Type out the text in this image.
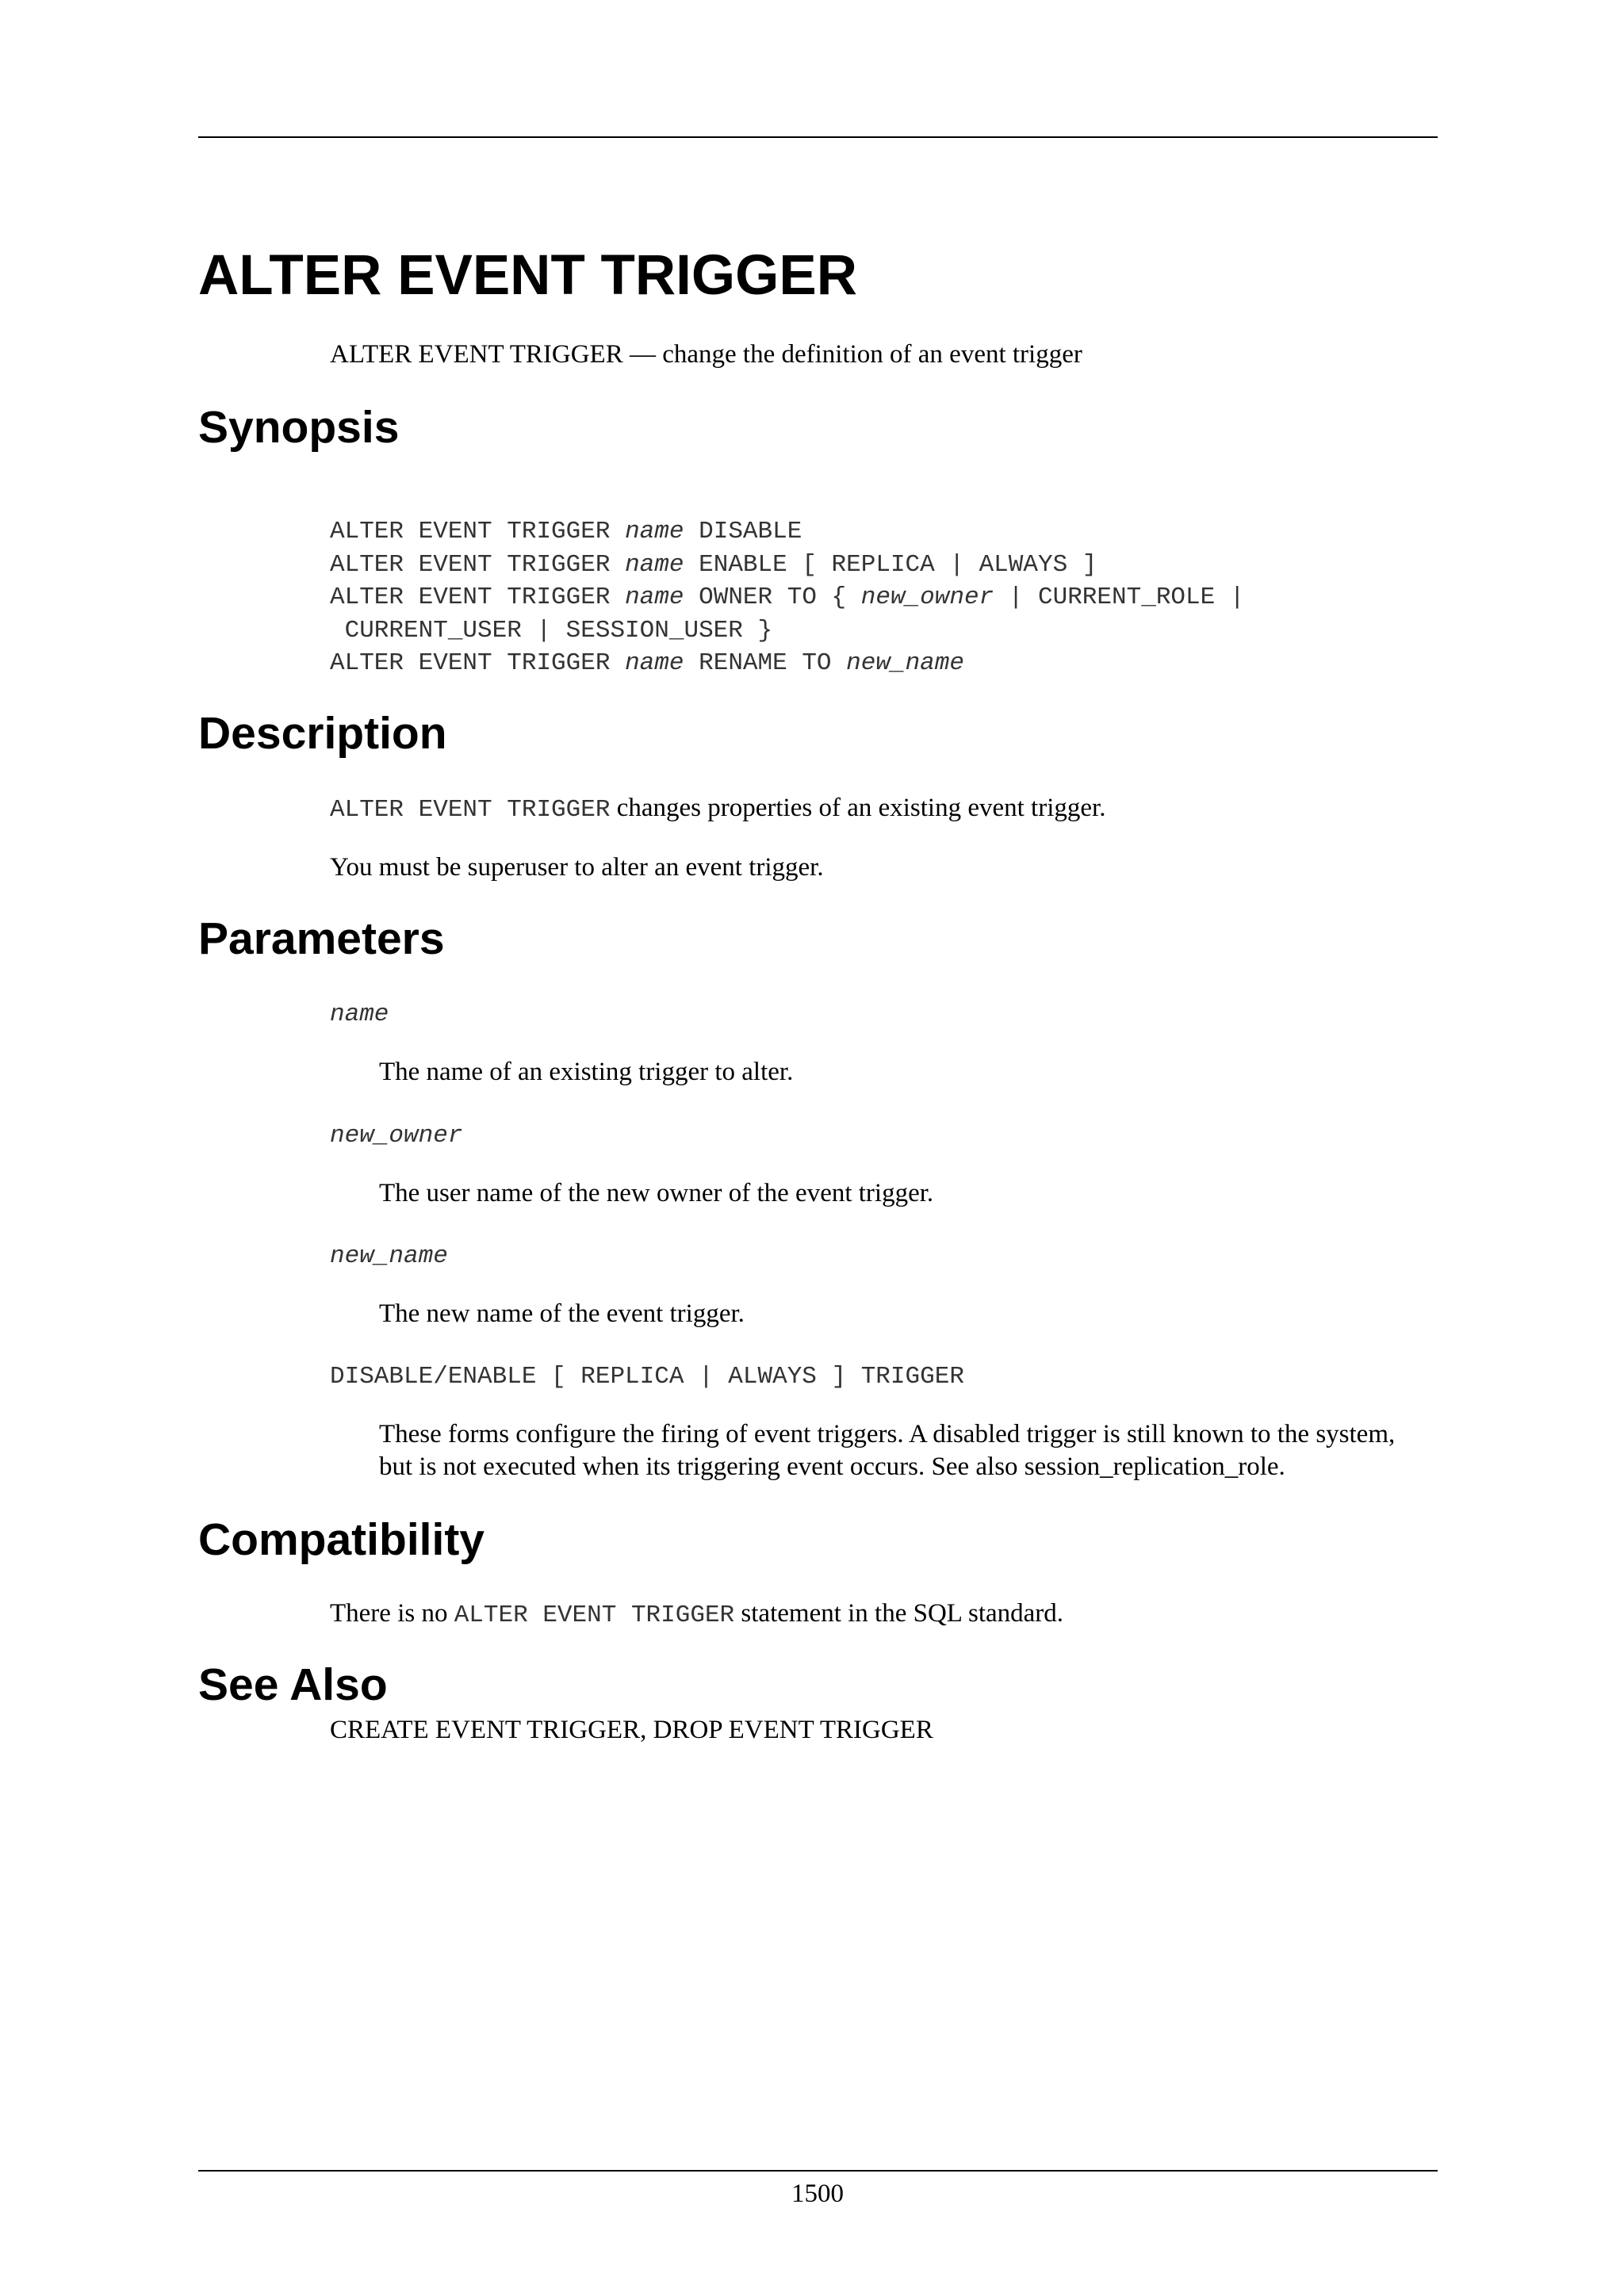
ALTER EVENT TRIGGER

ALTER EVENT TRIGGER — change the definition of an event trigger

Synopsis
ALTER EVENT TRIGGER name DISABLE
ALTER EVENT TRIGGER name ENABLE [ REPLICA | ALWAYS ]
ALTER EVENT TRIGGER name OWNER TO { new_owner | CURRENT_ROLE |
CURRENT_USER | SESSION_USER }
ALTER EVENT TRIGGER name RENAME TO new_name
Description

ALTER EVENT TRIGGER changes properties of an existing event trigger.

You must be superuser to alter an event trigger.

Parameters

name

The name of an existing trigger to alter.

new_owner

The user name of the new owner of the event trigger.

new_name

The new name of the event trigger.

DISABLE/ENABLE [ REPLICA | ALWAYS ] TRIGGER

These forms configure the firing of event triggers. A disabled trigger is still known to the system,

but is not executed when its triggering event occurs. See also session_replication_role.

Compatibility

There is no ALTER EVENT TRIGGER statement in the SQL standard.

See Also

CREATE EVENT TRIGGER, DROP EVENT TRIGGER

1500
